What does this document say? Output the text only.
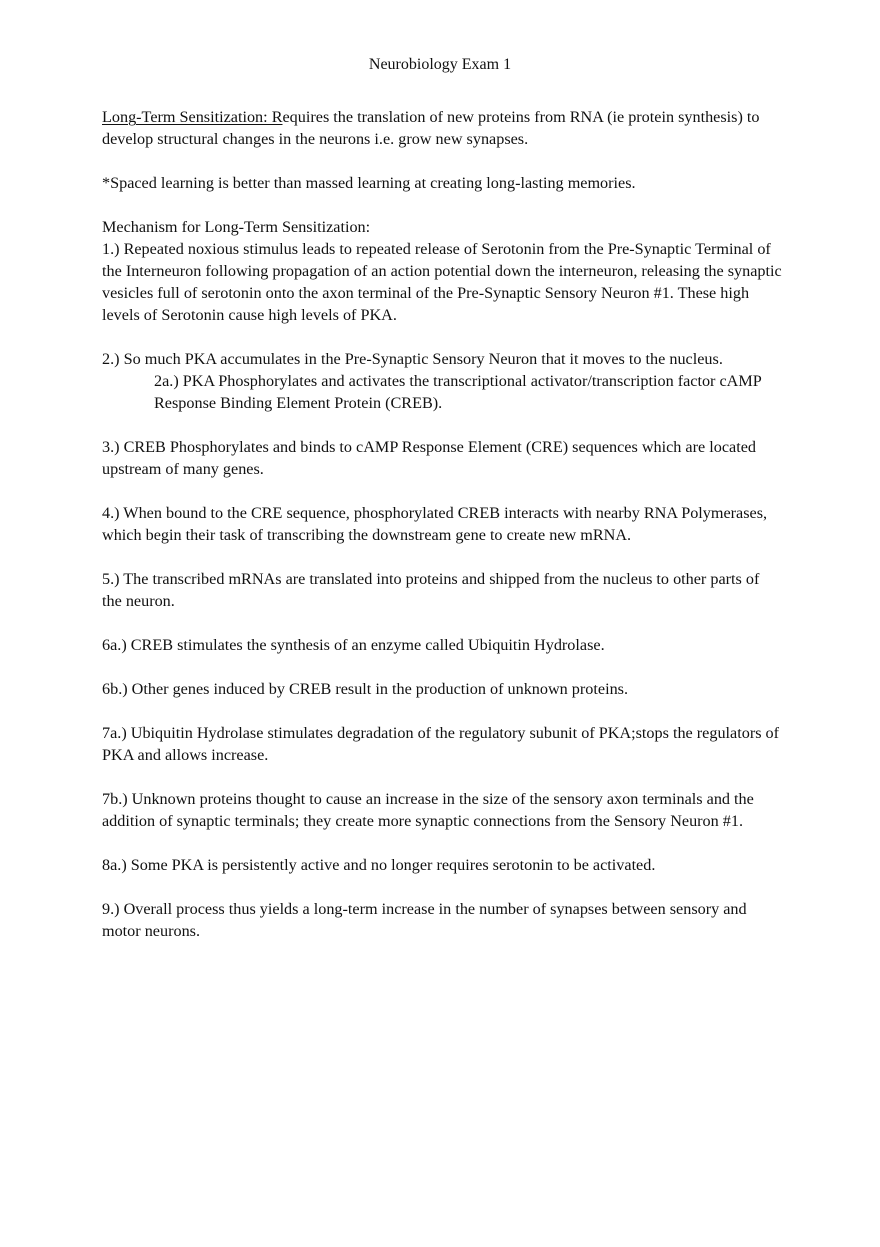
Neurobiology Exam 1

Long-Term Sensitization: Requires the translation of new proteins from RNA (ie protein synthesis) to develop structural changes in the neurons i.e. grow new synapses.

*Spaced learning is better than massed learning at creating long-lasting memories.

Mechanism for Long-Term Sensitization:

1.) Repeated noxious stimulus leads to repeated release of Serotonin from the Pre-Synaptic Terminal of the Interneuron following propagation of an action potential down the interneuron, releasing the synaptic vesicles full of serotonin onto the axon terminal of the Pre-Synaptic Sensory Neuron #1. These high levels of Serotonin cause high levels of PKA.

2.) So much PKA accumulates in the Pre-Synaptic Sensory Neuron that it moves to the nucleus.

2a.) PKA Phosphorylates and activates the transcriptional activator/transcription factor cAMP Response Binding Element Protein (CREB).

3.) CREB Phosphorylates and binds to cAMP Response Element (CRE) sequences which are located upstream of many genes.

4.) When bound to the CRE sequence, phosphorylated CREB interacts with nearby RNA Polymerases, which begin their task of transcribing the downstream gene to create new mRNA.

5.) The transcribed mRNAs are translated into proteins and shipped from the nucleus to other parts of the neuron.

6a.) CREB stimulates the synthesis of an enzyme called Ubiquitin Hydrolase.

6b.) Other genes induced by CREB result in the production of unknown proteins.

7a.) Ubiquitin Hydrolase stimulates degradation of the regulatory subunit of PKA;stops the regulators of PKA and allows increase.

7b.) Unknown proteins thought to cause an increase in the size of the sensory axon terminals and the addition of synaptic terminals; they create more synaptic connections from the Sensory Neuron #1.

8a.) Some PKA is persistently active and no longer requires serotonin to be activated.

9.) Overall process thus yields a long-term increase in the number of synapses between sensory and motor neurons.
